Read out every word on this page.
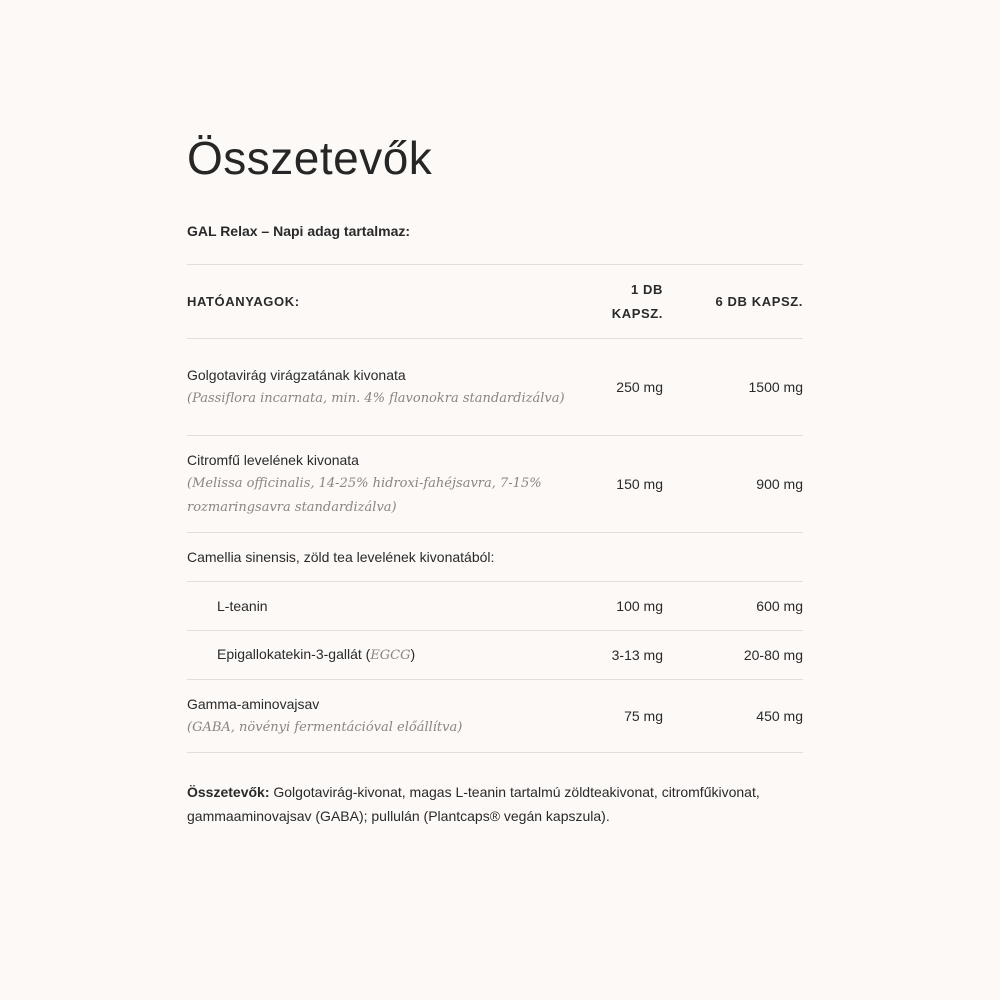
Összetevők
GAL Relax – Napi adag tartalmaz:
HATÓANYAGOK:	1 DB KAPSZ.	6 DB KAPSZ.

Golgotavirág virágzatának kivonata
(Passiflora incarnata, min. 4% flavonokra standardizálva)	250 mg	1500 mg

Citromfű levelének kivonata
(Melissa officinalis, 14-25% hidroxi-fahéjsavra, 7-15% rozmaringsavra standardizálva)	150 mg	900 mg
Camellia sinensis, zöld tea levelének kivonatából:		
L-teanin	100 mg	600 mg
Epigallokatekin-3-gallát (EGCG)	3-13 mg	20-80 mg

Gamma-aminovajsav
(GABA, növényi fermentációval előállítva)	75 mg	450 mg

Összetevők: Golgotavirág-kivonat, magas L-teanin tartalmú zöldteakivonat, citromfűkivonat, gammaaminovajsav (GABA); pullulán (Plantcaps® vegán kapszula).
